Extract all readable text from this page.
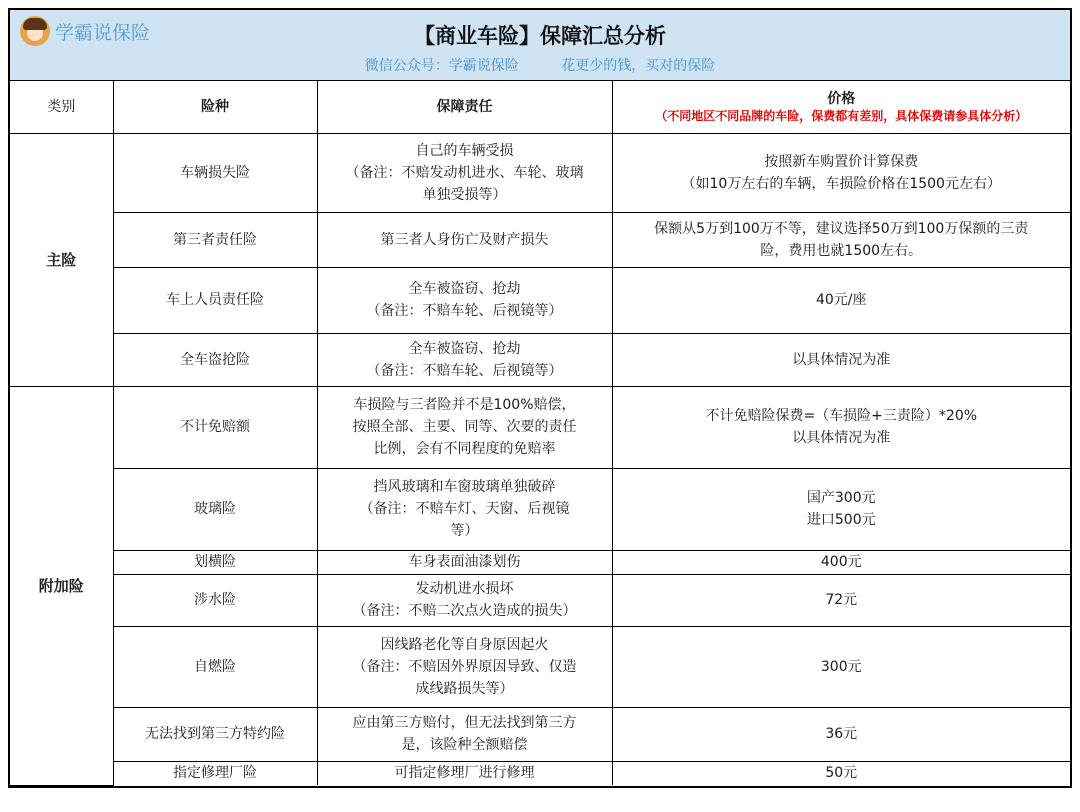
学霸说保险	【商业车险】保障汇总分析
微信公众号：学霸说保险	花更少的钱，买对的保险
类别	险种	保障责任	价格
（不同地区不同品牌的车险，保费都有差别，具体保费请参具体分析）

主险	车辆损失险	自己的车辆受损
（备注：不赔发动机进水、车轮、玻璃
单独受损等）	按照新车购置价计算保费
（如10万左右的车辆，车损险价格在1500元左右）
	第三者责任险	第三者人身伤亡及财产损失	保额从5万到100万不等，建议选择50万到100万保额的三责
险，费用也就1500左右。
	车上人员责任险	全车被盗窃、抢劫
（备注：不赔车轮、后视镜等）	40元/座
	全车盗抢险	全车被盗窃、抢劫
（备注：不赔车轮、后视镜等）	以具体情况为准
附加险	不计免赔额	车损险与三者险并不是100%赔偿，
按照全部、主要、同等、次要的责任
比例，会有不同程度的免赔率	不计免赔险保费=（车损险+三责险）*20%
以具体情况为准
	玻璃险	挡风玻璃和车窗玻璃单独破碎
（备注：不赔车灯、天窗、后视镜
等）	国产300元
进口500元
	划横险	车身表面油漆划伤	400元
	涉水险	发动机进水损坏
（备注：不赔二次点火造成的损失）	72元
	自燃险	因线路老化等自身原因起火
（备注：不赔因外界原因导致、仅造
成线路损失等）	300元
	无法找到第三方特约险	应由第三方赔付，但无法找到第三方
是，该险种全额赔偿	36元
	指定修理厂险	可指定修理厂进行修理	50元
